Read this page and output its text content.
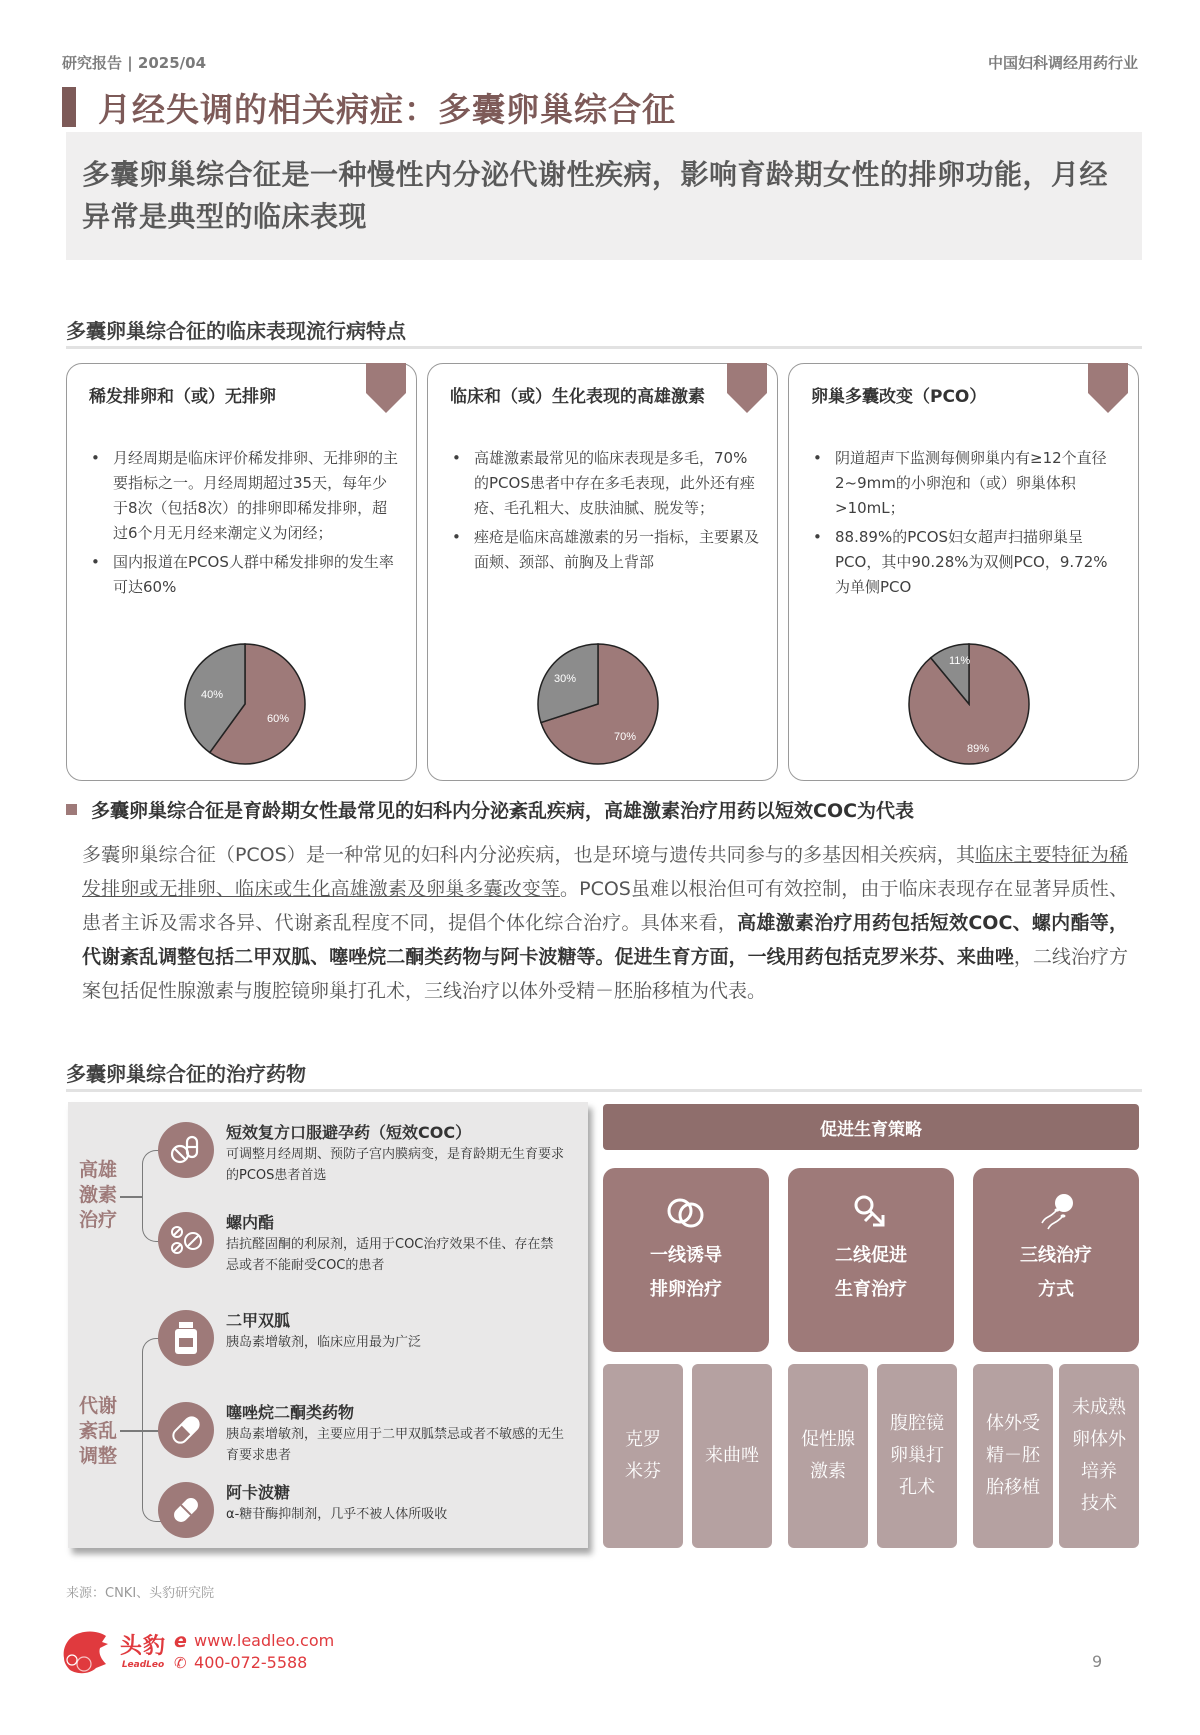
研究报告 | 2025/04	中国妇科调经用药行业
月经失调的相关病症：多囊卵巢综合征
多囊卵巢综合征是一种慢性内分泌代谢性疾病，影响育龄期女性的排卵功能，月经异常是典型的临床表现
多囊卵巢综合征的临床表现流行病特点
稀发排卵和（或）无排卵
• 月经周期是临床评价稀发排卵、无排卵的主要指标之一。月经周期超过35天，每年少于8次（包括8次）的排卵即稀发排卵，超过6个月无月经来潮定义为闭经；
• 国内报道在PCOS人群中稀发排卵的发生率可达60%
60%
40%
临床和（或）生化表现的高雄激素
• 高雄激素最常见的临床表现是多毛，70%的PCOS患者中存在多毛表现，此外还有痤疮、毛孔粗大、皮肤油腻、脱发等；
• 痤疮是临床高雄激素的另一指标，主要累及面颊、颈部、前胸及上背部
70%
30%
卵巢多囊改变（PCO）
• 阴道超声下监测每侧卵巢内有≥12个直径2~9mm的小卵泡和（或）卵巢体积>10mL；
• 88.89%的PCOS妇女超声扫描卵巢呈PCO，其中90.28%为双侧PCO，9.72%为单侧PCO
89%
11%
多囊卵巢综合征是育龄期女性最常见的妇科内分泌紊乱疾病，高雄激素治疗用药以短效COC为代表
多囊卵巢综合征（PCOS）是一种常见的妇科内分泌疾病，也是环境与遗传共同参与的多基因相关疾病，其临床主要特征为稀发排卵或无排卵、临床或生化高雄激素及卵巢多囊改变等。PCOS虽难以根治但可有效控制，由于临床表现存在显著异质性、患者主诉及需求各异、代谢紊乱程度不同，提倡个体化综合治疗。具体来看，高雄激素治疗用药包括短效COC、螺内酯等，代谢紊乱调整包括二甲双胍、噻唑烷二酮类药物与阿卡波糖等。促进生育方面，一线用药包括克罗米芬、来曲唑，二线治疗方案包括促性腺激素与腹腔镜卵巢打孔术，三线治疗以体外受精－胚胎移植为代表。
多囊卵巢综合征的治疗药物
高雄
激素
治疗
短效复方口服避孕药（短效COC）
可调整月经周期、预防子宫内膜病变，是育龄期无生育要求的PCOS患者首选
螺内酯
拮抗醛固酮的利尿剂，适用于COC治疗效果不佳、存在禁忌或者不能耐受COC的患者
代谢
紊乱
调整
二甲双胍
胰岛素增敏剂，临床应用最为广泛
噻唑烷二酮类药物
胰岛素增敏剂，主要应用于二甲双胍禁忌或者不敏感的无生育要求患者
阿卡波糖
α-糖苷酶抑制剂，几乎不被人体所吸收
促进生育策略
一线诱导
排卵治疗
二线促进
生育治疗
三线治疗
方式
克罗
米芬
来曲唑
促性腺
激素
腹腔镜
卵巢打
孔术
体外受
精－胚
胎移植
未成熟
卵体外
培养
技术
来源：CNKI、头豹研究院
头豹
LeadLeo
e www.leadleo.com
✆ 400-072-5588	9
